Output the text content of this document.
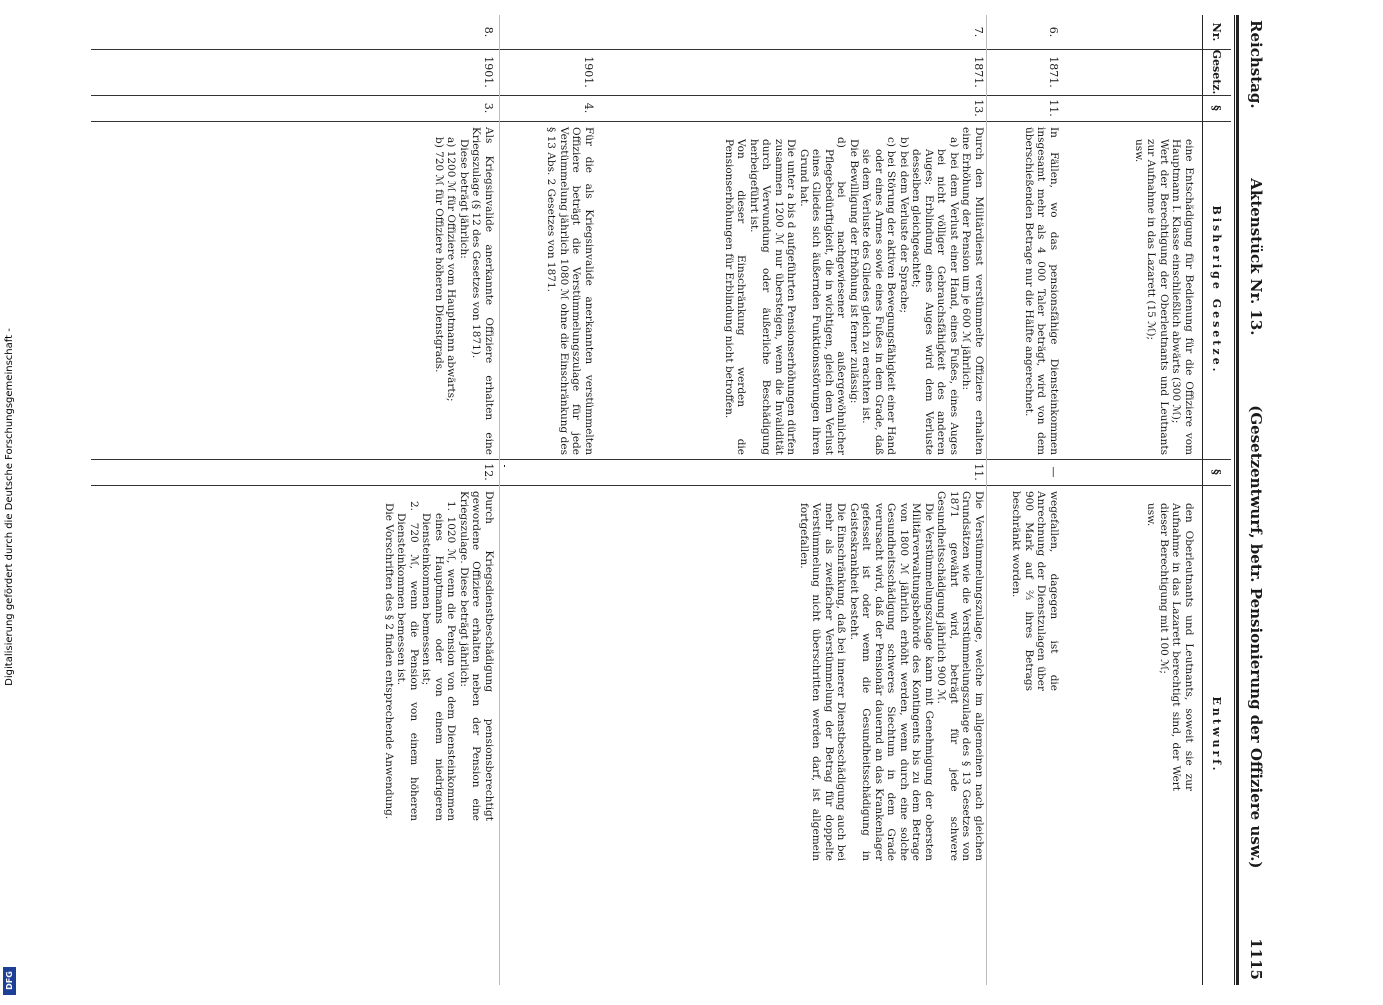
Digitalisierung gefördert durch die Deutsche Forschungsgemeinschaft -
DFG
Reichstag.
Aktenstück Nr. 13.
(Gesetzentwurf, betr. Pensionierung der Offiziere usw.)
1115
Nr.
Gesetz.
§
Bisherige Gesetze.
§
Entwurf.

eine Entschädigung für Bedienung für die Offiziere vom Hauptmann I. Klasse einschließlich abwärts (300 ℳ);

Wert der Berechtigung der Oberleutnants und Leutnants zur Aufnahme in das Lazarett (15 ℳ);

usw.

den Oberleutnants und Leutnants, soweit sie zur Aufnahme in das Lazarett berechtigt sind, der Wert dieser Berechtigung mit 100 ℳ;

usw.

6.
1871.
11.

In Fällen, wo das pensionsfähige Diensteinkommen insgesamt mehr als 4 000 Taler beträgt, wird von dem überschießenden Betrage nur die Hälfte angerechnet.

—

wegefallen, dagegen ist die Anrechnung der Dienstzulagen über 900 Mark auf ⅔ ihres Betrags beschränkt worden.

7.
1871.
13.

Durch den Militärdienst verstümmelte Offiziere erhalten eine Erhöhung der Pension um je 600 ℳ jährlich:

a) bei dem Verlust einer Hand, eines Fußes, eines Auges bei nicht völliger Gebrauchsfähigkeit des anderen Auges; Erblindung eines Auges wird dem Verluste desselben gleichgeachtet;

b) bei dem Verluste der Sprache;

c) bei Störung der aktiven Bewegungsfähigkeit einer Hand oder eines Armes sowie eines Fußes in dem Grade, daß sie dem Verluste des Gliedes gleich zu erachten ist.

Die Bewilligung der Erhöhung ist ferner zulässig:

d) bei nachgewiesener außergewöhnlicher Pflegebedürftigkeit, die in wichtigen, gleich dem Verlust eines Gliedes sich äußernden Funktionsstörungen ihren Grund hat.

Die unter a bis d aufgeführten Pensionserhöhungen dürfen zusammen 1200 ℳ nur übersteigen, wenn die Invalidität durch Verwundung oder äußerliche Beschädigung herbeigeführt ist.

Von dieser Einschränkung werden die Pensionserhöhungen für Erblindung nicht betroffen.

11.

Die Verstümmelungszulage, welche im allgemeinen nach gleichen Grundsätzen wie die Verstümmelungszulage des § 13 Gesetzes von 1871 gewährt wird, beträgt für jede schwere Gesundheitsschädigung jährlich 900 ℳ.

Die Verstümmelungszulage kann mit Genehmigung der obersten Militärverwaltungsbehörde des Kontingents bis zu dem Betrage von 1800 ℳ jährlich erhöht werden, wenn durch eine solche Gesundheitsschädigung schweres Siechtum in dem Grade verursacht wird, daß der Pensionär dauernd an das Krankenlager gefesselt ist oder wenn die Gesundheitsschädigung in Geisteskrankheit besteht.

Die Einschränkung, daß bei innerer Dienstbeschädigung auch bei mehr als zweifacher Verstümmelung der Betrag für doppelte Verstümmelung nicht überschritten werden darf, ist allgemein fortgefallen.

1901.
4.

Für die als Kriegsinvalide anerkannten verstümmelten Offiziere beträgt die Verstümmelungszulage für jede Verstümmelung jährlich 1080 ℳ ohne die Einschränkung des § 13 Abs. 2 Gesetzes von 1871.

8.
1901.
3.

Als Kriegsinvalide anerkannte Offiziere erhalten eine Kriegszulage (§ 12 des Gesetzes von 1871).

Diese beträgt jährlich:

a) 1200 ℳ für Offiziere vom Hauptmann abwärts;

b) 720 ℳ für Offiziere höheren Dienstgrads.

12.

Durch Kriegsdienstbeschädigung pensionsberechtigt gewordene Offiziere erhalten neben der Pension eine Kriegszulage. Diese beträgt jährlich:

1. 1020 ℳ, wenn die Pension von dem Diensteinkommen eines Hauptmanns oder von einem niedrigeren Diensteinkommen bemessen ist;

2. 720 ℳ, wenn die Pension von einem höheren Diensteinkommen bemessen ist.

Die Vorschriften des § 2 finden entsprechende Anwendung.
